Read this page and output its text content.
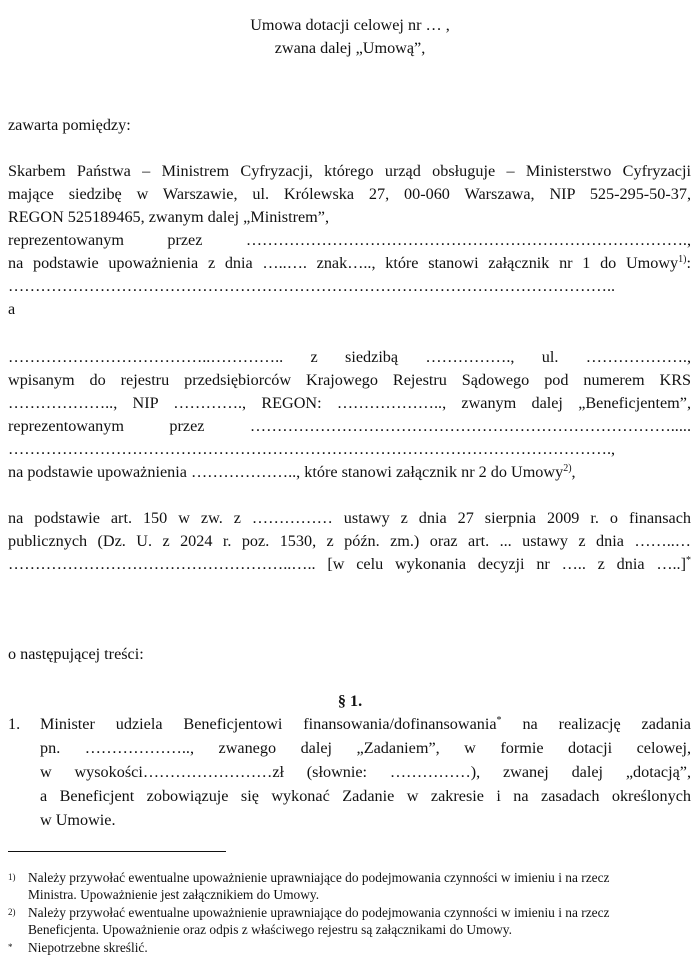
Umowa dotacji celowej nr … ,
zwana dalej „Umową”,
zawarta pomiędzy:
Skarbem Państwa – Ministrem Cyfryzacji, którego urząd obsługuje – Ministerstwo Cyfryzacji
mające siedzibę w Warszawie, ul. Królewska 27, 00-060 Warszawa, NIP 525-295-50-37,
REGON 525189465, zwanym dalej „Ministrem”,
reprezentowanym przez ……………………………………………………………………….,
na podstawie upoważnienia z dnia …..…. znak….., które stanowi załącznik nr 1 do Umowy$^{1)}$:
…………………………………………………………………………………………………..
a
………………………………..………….. z siedzibą ……………., ul. ……………….,
wpisanym do rejestru przedsiębiorców Krajowego Rejestru Sądowego pod numerem KRS
……………….., NIP …………., REGON: ……………….., zwanym dalej „Beneficjentem”,
reprezentowanym przez …………………………………………………………………….....
………………………………………………………………………………………………….,
na podstawie upoważnienia ……………….., które stanowi załącznik nr 2 do Umowy$^{2)}$,
na podstawie art. 150 w zw. z …………… ustawy z dnia 27 sierpnia 2009 r. o finansach
publicznych (Dz. U. z 2024 r. poz. 1530, z późn. zm.) oraz art. ... ustawy z dnia ……..…
……………………………………………..….. [w celu wykonania decyzji nr ….. z dnia …..]*
o następującej treści:
§ 1.
1. Minister udziela Beneficjentowi finansowania/dofinansowania* na realizację zadania
pn. ……………….., zwanego dalej „Zadaniem”, w formie dotacji celowej,
w wysokości……………………zł (słownie: ……………), zwanej dalej „dotacją”,
a Beneficjent zobowiązuje się wykonać Zadanie w zakresie i na zasadach określonych
w Umowie.
1) Należy przywołać ewentualne upoważnienie uprawniające do podejmowania czynności w imieniu i na rzecz
Ministra. Upoważnienie jest załącznikiem do Umowy.
2) Należy przywołać ewentualne upoważnienie uprawniające do podejmowania czynności w imieniu i na rzecz
Beneficjenta. Upoważnienie oraz odpis z właściwego rejestru są załącznikami do Umowy.
* Niepotrzebne skreślić.
